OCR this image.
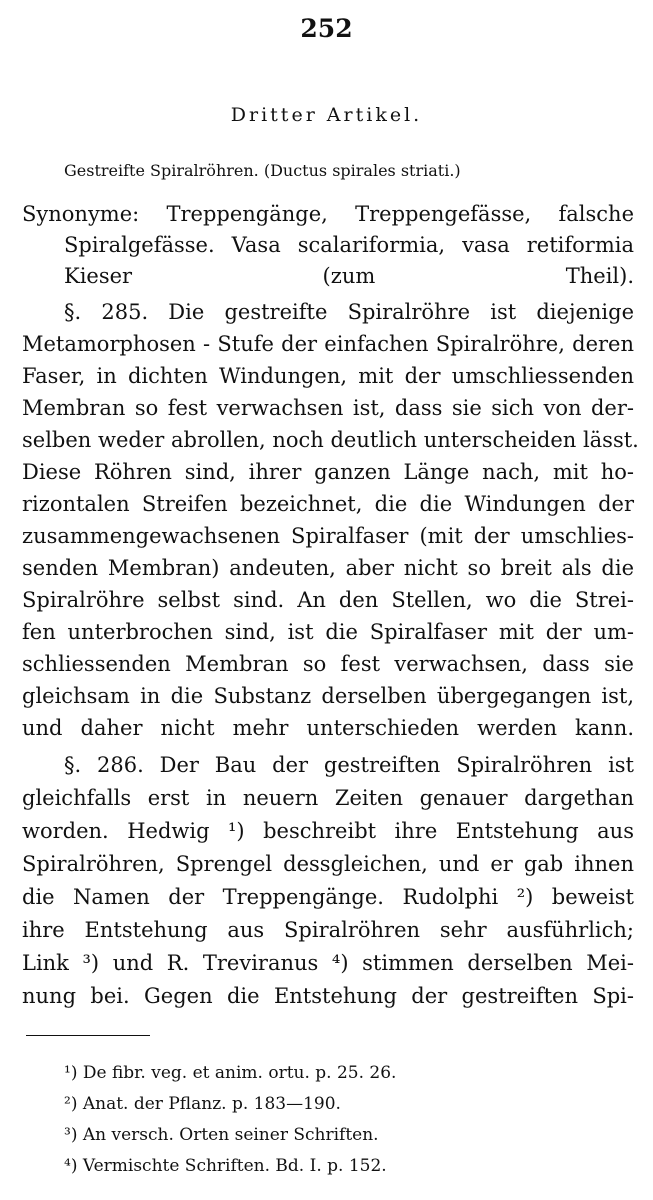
252
Dritter Artikel.
Gestreifte Spiralröhren. (Ductus spirales striati.)
Synonyme: Treppengänge, Treppengefässe, falsche
Spiralgefässe. Vasa scalariformia, vasa retiformia
Kieser (zum Theil).
§. 285. Die gestreifte Spiralröhre ist diejenige
Metamorphosen - Stufe der einfachen Spiralröhre, deren
Faser, in dichten Windungen, mit der umschliessenden
Membran so fest verwachsen ist, dass sie sich von der-
selben weder abrollen, noch deutlich unterscheiden lässt.
Diese Röhren sind, ihrer ganzen Länge nach, mit ho-
rizontalen Streifen bezeichnet, die die Windungen der
zusammengewachsenen Spiralfaser (mit der umschlies-
senden Membran) andeuten, aber nicht so breit als die
Spiralröhre selbst sind. An den Stellen, wo die Strei-
fen unterbrochen sind, ist die Spiralfaser mit der um-
schliessenden Membran so fest verwachsen, dass sie
gleichsam in die Substanz derselben übergegangen ist,
und daher nicht mehr unterschieden werden kann.
§. 286. Der Bau der gestreiften Spiralröhren ist
gleichfalls erst in neuern Zeiten genauer dargethan
worden. Hedwig ¹) beschreibt ihre Entstehung aus
Spiralröhren, Sprengel dessgleichen, und er gab ihnen
die Namen der Treppengänge. Rudolphi ²) beweist
ihre Entstehung aus Spiralröhren sehr ausführlich;
Link ³) und R. Treviranus ⁴) stimmen derselben Mei-
nung bei. Gegen die Entstehung der gestreiften Spi-
¹) De fibr. veg. et anim. ortu. p. 25. 26.
²) Anat. der Pflanz. p. 183—190.
³) An versch. Orten seiner Schriften.
⁴) Vermischte Schriften. Bd. I. p. 152.
